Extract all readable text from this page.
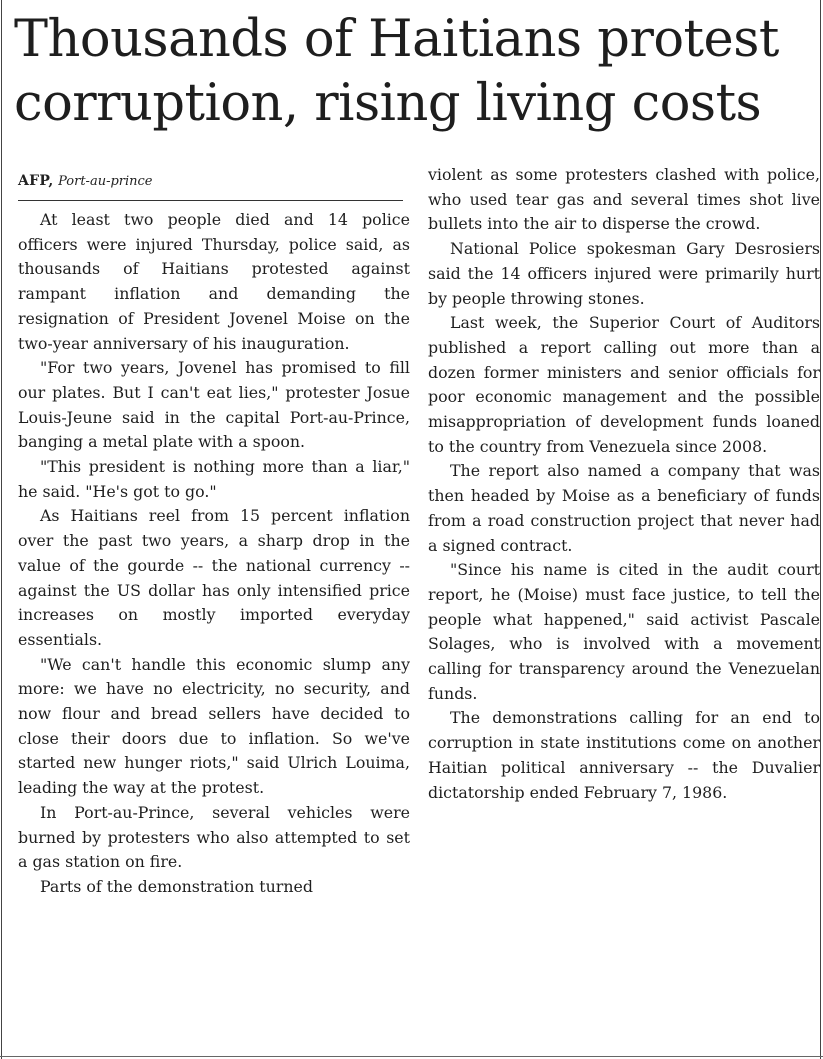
Thousands of Haitians protest
corruption, rising living costs
AFP, Port-au-prince

At least two people died and 14 police officers were injured Thursday, police said, as thousands of Haitians protested against rampant inflation and demanding the resignation of President Jovenel Moise on the two-year anniversary of his inauguration.

"For two years, Jovenel has promised to fill our plates. But I can't eat lies," protester Josue Louis-Jeune said in the capital Port-au-Prince, banging a metal plate with a spoon.

"This president is nothing more than a liar," he said. "He's got to go."

As Haitians reel from 15 percent inflation over the past two years, a sharp drop in the value of the gourde -- the national currency -- against the US dollar has only intensified price increases on mostly imported everyday essentials.

"We can't handle this economic slump any more: we have no electricity, no security, and now flour and bread sellers have decided to close their doors due to inflation. So we've started new hunger riots," said Ulrich Louima, leading the way at the protest.

In Port-au-Prince, several vehicles were burned by protesters who also attempted to set a gas station on fire.

Parts of the demonstration turned

violent as some protesters clashed with police, who used tear gas and several times shot live bullets into the air to disperse the crowd.

National Police spokesman Gary Desrosiers said the 14 officers injured were primarily hurt by people throwing stones.

Last week, the Superior Court of Auditors published a report calling out more than a dozen former ministers and senior officials for poor economic management and the possible misappropriation of development funds loaned to the country from Venezuela since 2008.

The report also named a company that was then headed by Moise as a beneficiary of funds from a road construction project that never had a signed contract.

"Since his name is cited in the audit court report, he (Moise) must face justice, to tell the people what happened," said activist Pascale Solages, who is involved with a movement calling for transparency around the Venezuelan funds.

The demonstrations calling for an end to corruption in state institutions come on another Haitian political anniversary -- the Duvalier dictatorship ended February 7, 1986.
